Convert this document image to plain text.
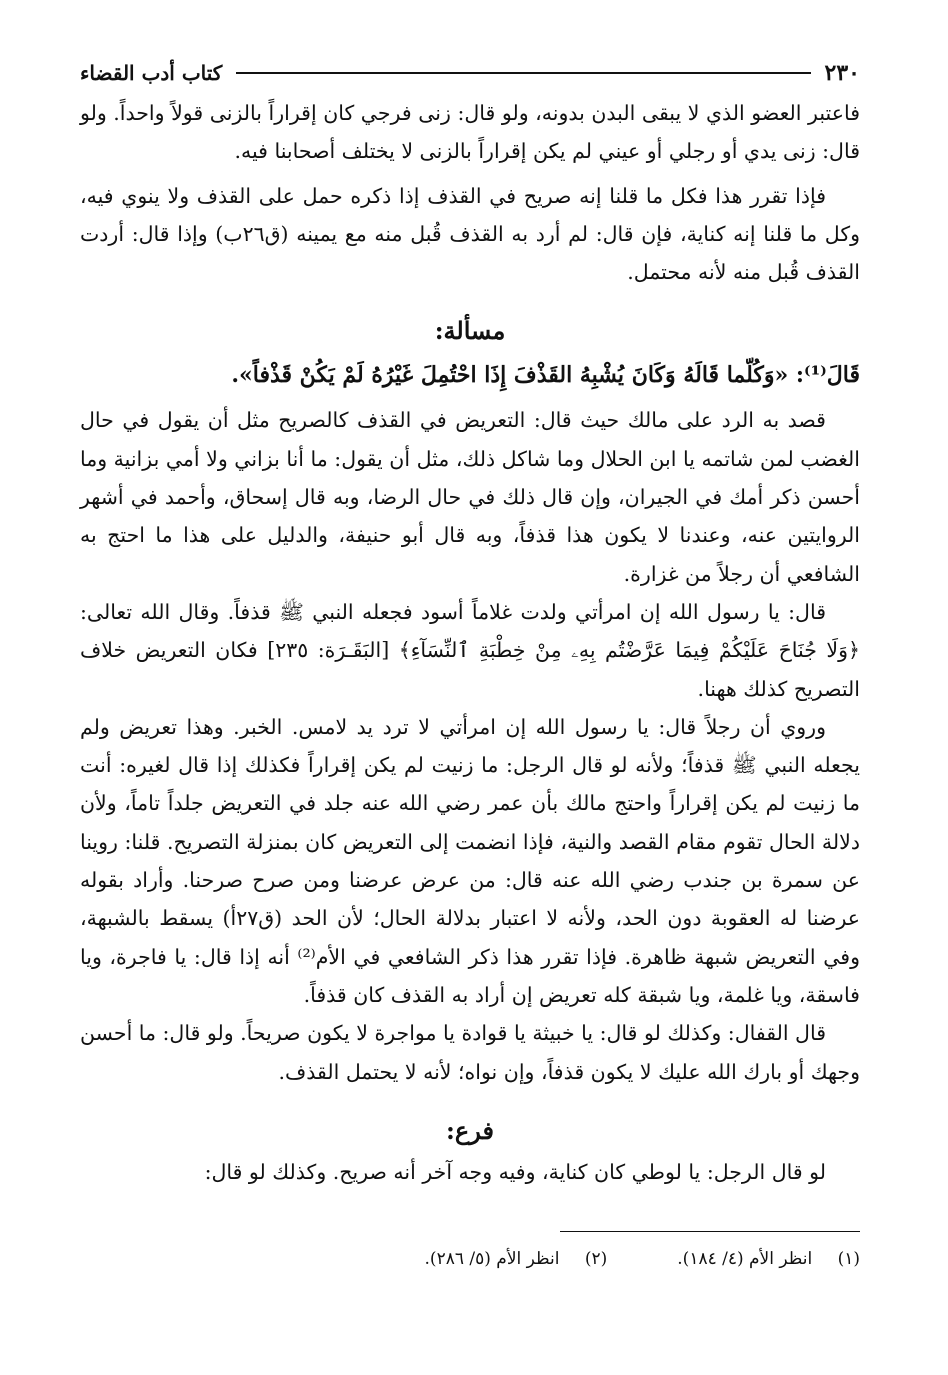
٢٣٠
كتاب أدب القضاء

فاعتبر العضو الذي لا يبقى البدن بدونه، ولو قال: زنى فرجي كان إقراراً بالزنى قولاً واحداً. ولو قال: زنى يدي أو رجلي أو عيني لم يكن إقراراً بالزنى لا يختلف أصحابنا فيه.

فإذا تقرر هذا فكل ما قلنا إنه صريح في القذف إذا ذكره حمل على القذف ولا ينوي فيه، وكل ما قلنا إنه كناية، فإن قال: لم أرد به القذف قُبل منه مع يمينه (ق٢٦ب) وإذا قال: أردت القذف قُبل منه لأنه محتمل.

مسألة:
قَالَ⁽¹⁾: «وَكُلّما قَالَهُ وَكَانَ يُشْبِهُ القَذْفَ إِذَا احْتُمِلَ غَيْرُهُ لَمْ يَكُنْ قَذْفاً».

قصد به الرد على مالك حيث قال: التعريض في القذف كالصريح مثل أن يقول في حال الغضب لمن شاتمه يا ابن الحلال وما شاكل ذلك، مثل أن يقول: ما أنا بزاني ولا أمي بزانية وما أحسن ذكر أمك في الجيران، وإن قال ذلك في حال الرضا، وبه قال إسحاق، وأحمد في أشهر الروايتين عنه، وعندنا لا يكون هذا قذفاً، وبه قال أبو حنيفة، والدليل على هذا ما احتج به الشافعي أن رجلاً من غزارة.

قال: يا رسول الله إن امرأتي ولدت غلاماً أسود فجعله النبي ﷺ قذفاً. وقال الله تعالى: ﴿وَلَا جُنَاحَ عَلَيْكُمْ فِيمَا عَرَّضْتُم بِهِۦ مِنْ خِطْبَةِ ٱلنِّسَآءِ﴾ [البَقَـرَة: ٢٣٥] فكان التعريض خلاف التصريح كذلك ههنا.

وروي أن رجلاً قال: يا رسول الله إن امرأتي لا ترد يد لامس. الخبر. وهذا تعريض ولم يجعله النبي ﷺ قذفاً؛ ولأنه لو قال الرجل: ما زنيت لم يكن إقراراً فكذلك إذا قال لغيره: أنت ما زنيت لم يكن إقراراً واحتج مالك بأن عمر رضي الله عنه جلد في التعريض جلداً تاماً، ولأن دلالة الحال تقوم مقام القصد والنية، فإذا انضمت إلى التعريض كان بمنزلة التصريح. قلنا: روينا عن سمرة بن جندب رضي الله عنه قال: من عرض عرضنا ومن صرح صرحنا. وأراد بقوله عرضنا له العقوبة دون الحد، ولأنه لا اعتبار بدلالة الحال؛ لأن الحد (ق٢٧أ) يسقط بالشبهة، وفي التعريض شبهة ظاهرة. فإذا تقرر هذا ذكر الشافعي في الأم⁽²⁾ أنه إذا قال: يا فاجرة، ويا فاسقة، ويا غلمة، ويا شبقة كله تعريض إن أراد به القذف كان قذفاً.

قال القفال: وكذلك لو قال: يا خبيثة يا قوادة يا مواجرة لا يكون صريحاً. ولو قال: ما أحسن وجهك أو بارك الله عليك لا يكون قذفاً، وإن نواه؛ لأنه لا يحتمل القذف.

فرع:

لو قال الرجل: يا لوطي كان كناية، وفيه وجه آخر أنه صريح. وكذلك لو قال:

(١) انظر الأم (٤/ ١٨٤).
(٢) انظر الأم (٥/ ٢٨٦).
